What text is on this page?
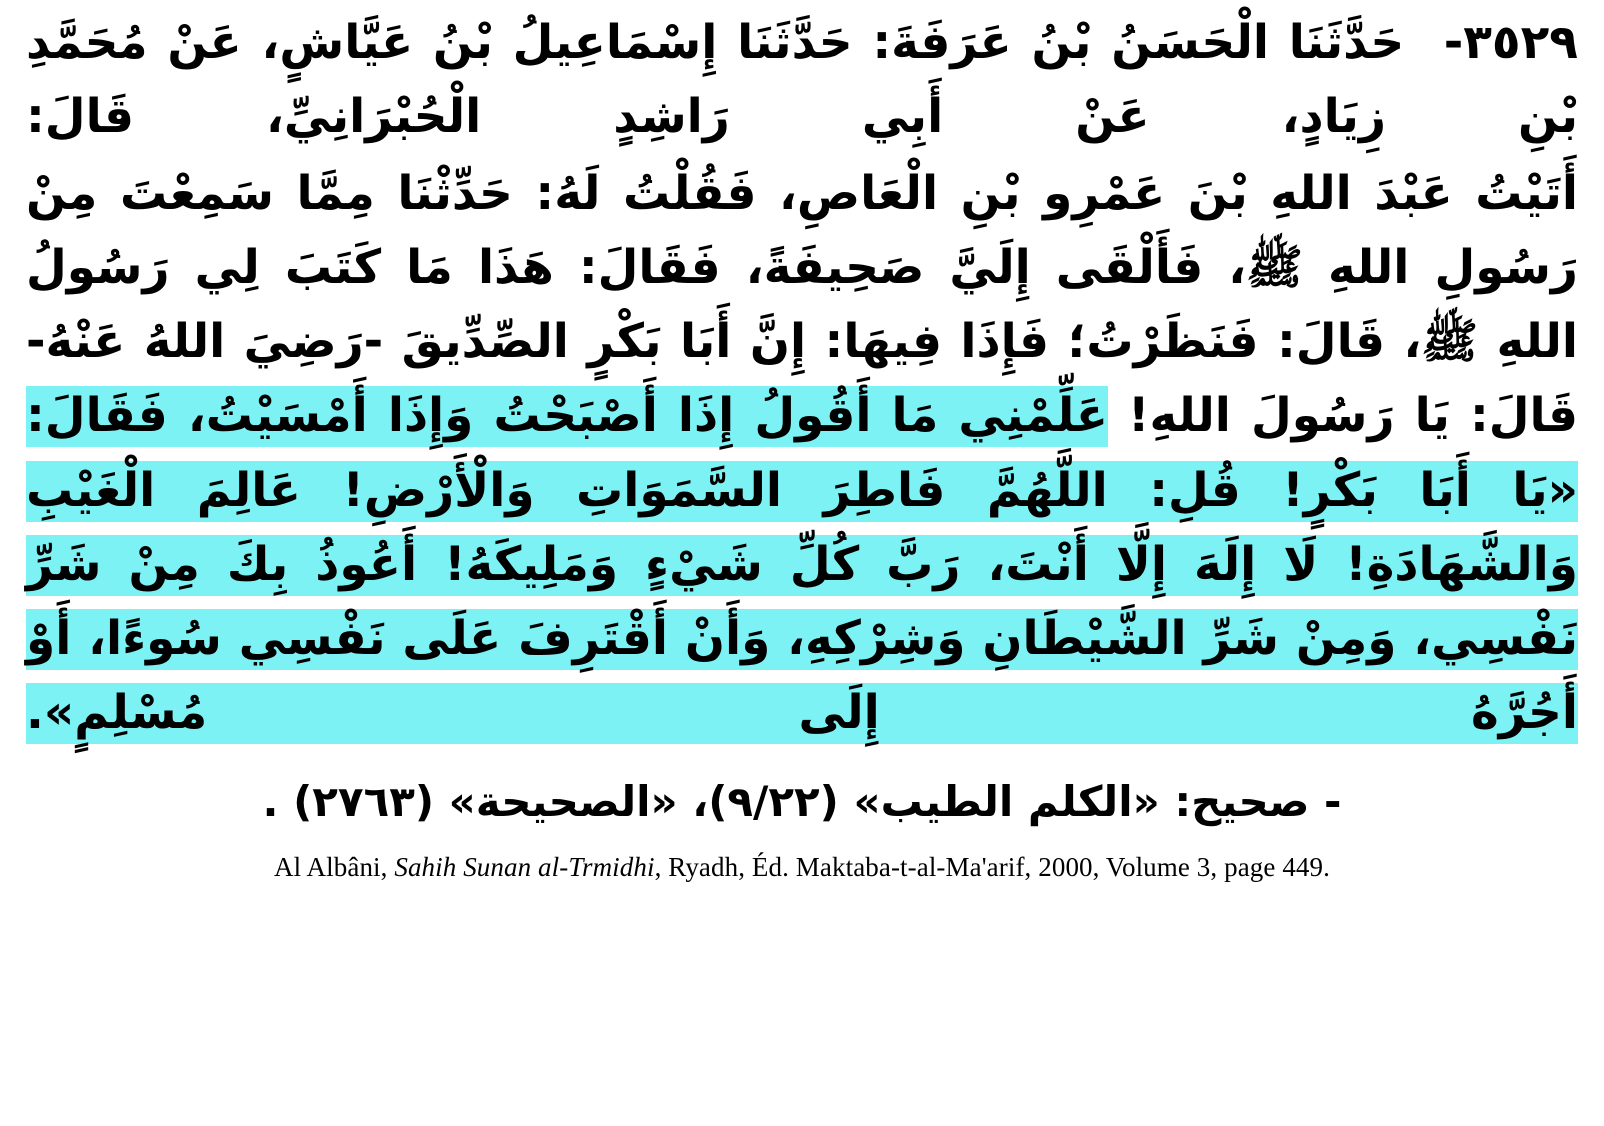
٣٥٢٩-  حَدَّثَنَا الْحَسَنُ بْنُ عَرَفَةَ: حَدَّثَنَا إِسْمَاعِيلُ بْنُ عَيَّاشٍ، عَنْ مُحَمَّدِ بْنِ زِيَادٍ، عَنْ أَبِي رَاشِدٍ الْحُبْرَانِيِّ، قَالَ:

أَتَيْتُ عَبْدَ اللهِ بْنَ عَمْرِو بْنِ الْعَاصِ، فَقُلْتُ لَهُ: حَدِّثْنَا مِمَّا سَمِعْتَ مِنْ رَسُولِ اللهِ ﷺ، فَأَلْقَى إِلَيَّ صَحِيفَةً، فَقَالَ: هَذَا مَا كَتَبَ لِي رَسُولُ اللهِ ﷺ، قَالَ: فَنَظَرْتُ؛ فَإِذَا فِيهَا: إِنَّ أَبَا بَكْرٍ الصِّدِّيقَ -رَضِيَ اللهُ عَنْهُ- قَالَ: يَا رَسُولَ اللهِ! عَلِّمْنِي مَا أَقُولُ إِذَا أَصْبَحْتُ وَإِذَا أَمْسَيْتُ، فَقَالَ: «يَا أَبَا بَكْرٍ! قُلِ: اللَّهُمَّ فَاطِرَ السَّمَوَاتِ وَالْأَرْضِ! عَالِمَ الْغَيْبِ وَالشَّهَادَةِ! لَا إِلَهَ إِلَّا أَنْتَ، رَبَّ كُلِّ شَيْءٍ وَمَلِيكَهُ! أَعُوذُ بِكَ مِنْ شَرِّ نَفْسِي، وَمِنْ شَرِّ الشَّيْطَانِ وَشِرْكِهِ، وَأَنْ أَقْتَرِفَ عَلَى نَفْسِي سُوءًا، أَوْ أَجُرَّهُ إِلَى مُسْلِمٍ».

- صحيح: «الكلم الطيب» (٩/٢٢)، «الصحيحة» (٢٧٦٣) .
Al Albâni, Sahih Sunan al-Trmidhi, Ryadh, Éd. Maktaba-t-al-Ma'arif, 2000, Volume 3, page 449.
